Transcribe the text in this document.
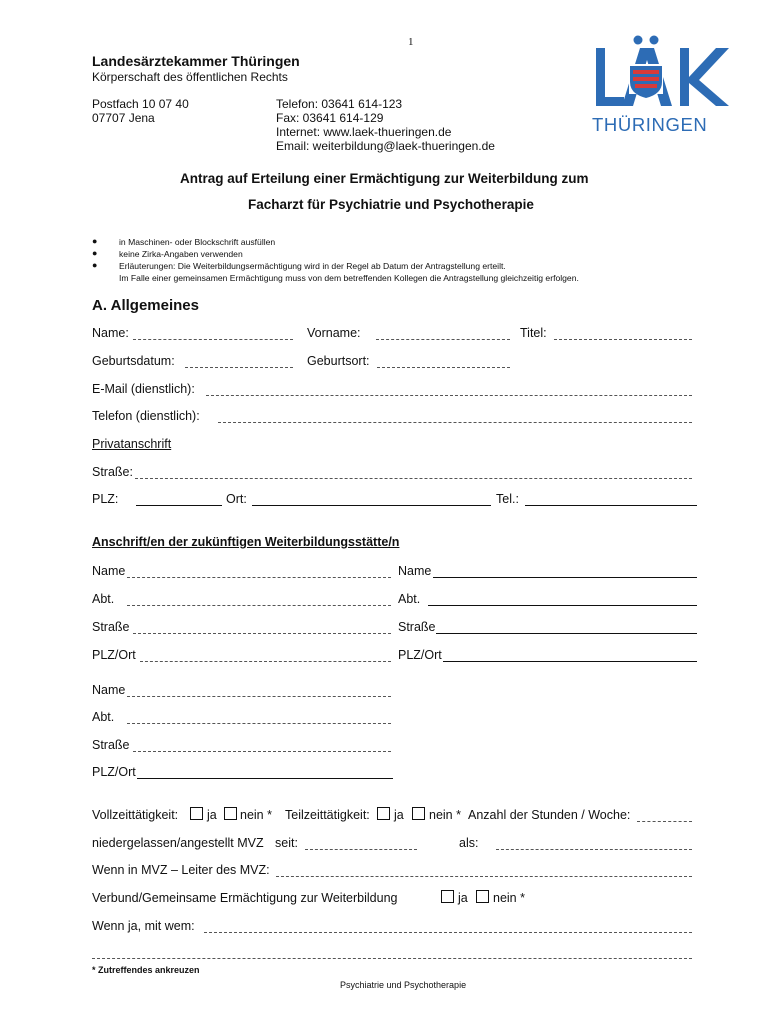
1
Landesärztekammer Thüringen
Körperschaft des öffentlichen Rechts
Postfach 10 07 40
07707 Jena
Telefon: 03641 614-123
Fax: 03641 614-129
Internet: www.laek-thueringen.de
Email: weiterbildung@laek-thueringen.de
THÜRINGEN
Antrag auf Erteilung einer Ermächtigung zur Weiterbildung zum
Facharzt für Psychiatrie und Psychotherapie
●	in Maschinen- oder Blockschrift ausfüllen
●	keine Zirka-Angaben verwenden
●	Erläuterungen: Die Weiterbildungsermächtigung wird in der Regel ab Datum der Antragstellung erteilt.
Im Falle einer gemeinsamen Ermächtigung muss von dem betreffenden Kollegen die Antragstellung gleichzeitig erfolgen.
A. Allgemeines
Name:	Vorname:	Titel:
Geburtsdatum:	Geburtsort:
E-Mail (dienstlich):
Telefon (dienstlich):
Privatanschrift
Straße:
PLZ:	Ort:	Tel.:
Anschrift/en der zukünftigen Weiterbildungsstätte/n
Name	Name
Abt.	Abt.
Straße	Straße
PLZ/Ort	PLZ/Ort
Name
Abt.
Straße
PLZ/Ort
Vollzeittätigkeit: ja nein * Teilzeittätigkeit: ja nein * Anzahl der Stunden / Woche:
niedergelassen/angestellt MVZ seit:	als:
Wenn in MVZ – Leiter des MVZ:
Verbund/Gemeinsame Ermächtigung zur Weiterbildung	ja nein *
Wenn ja, mit wem:
* Zutreffendes ankreuzen
Psychiatrie und Psychotherapie
